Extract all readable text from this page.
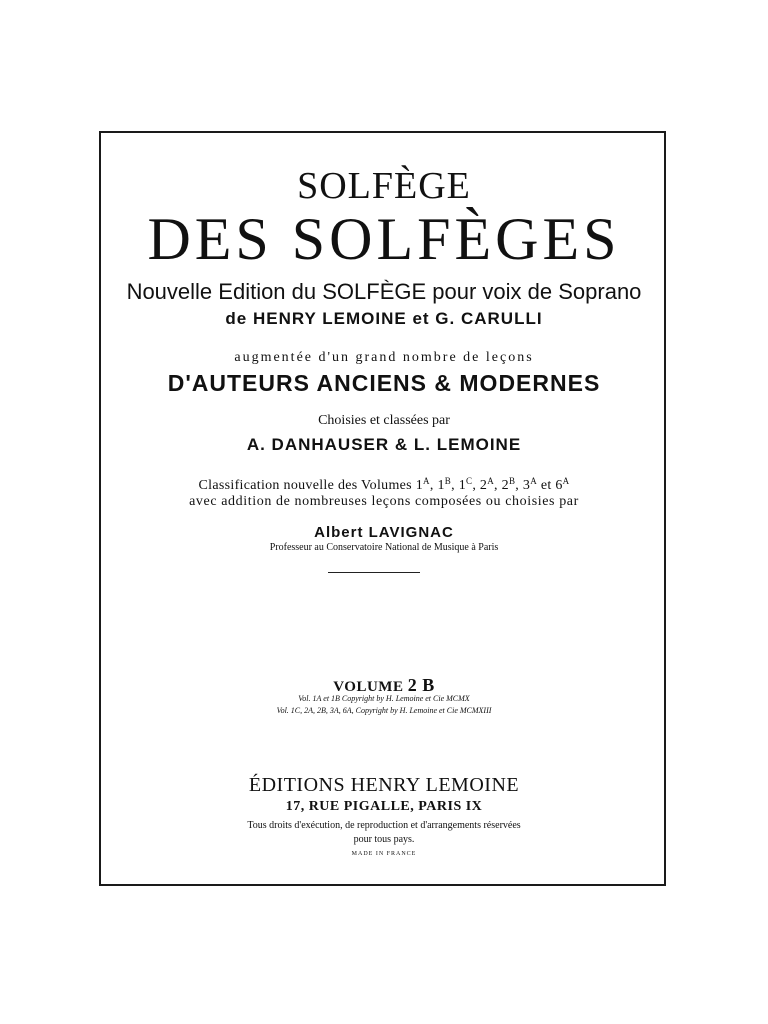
SOLFÈGE
DES SOLFÈGES
Nouvelle Edition du SOLFÈGE pour voix de Soprano
de HENRY LEMOINE et G. CARULLI
augmentée d'un grand nombre de leçons
D'AUTEURS ANCIENS & MODERNES
Choisies et classées par
A. DANHAUSER & L. LEMOINE
Classification nouvelle des Volumes $1^A$, $1^B$, $1^C$, $2^A$, $2^B$, $3^A$ et $6^A$
avec addition de nombreuses leçons composées ou choisies par
Albert LAVIGNAC
Professeur au Conservatoire National de Musique à Paris
VOLUME 2 B
Vol. 1A et 1B Copyright by H. Lemoine et Cie MCMX
Vol. 1C, 2A, 2B, 3A, 6A, Copyright by H. Lemoine et Cie MCMXIII
ÉDITIONS HENRY LEMOINE
17, RUE PIGALLE, PARIS IX
Tous droits d'exécution, de reproduction et d'arrangements réservées
pour tous pays.
MADE IN FRANCE
